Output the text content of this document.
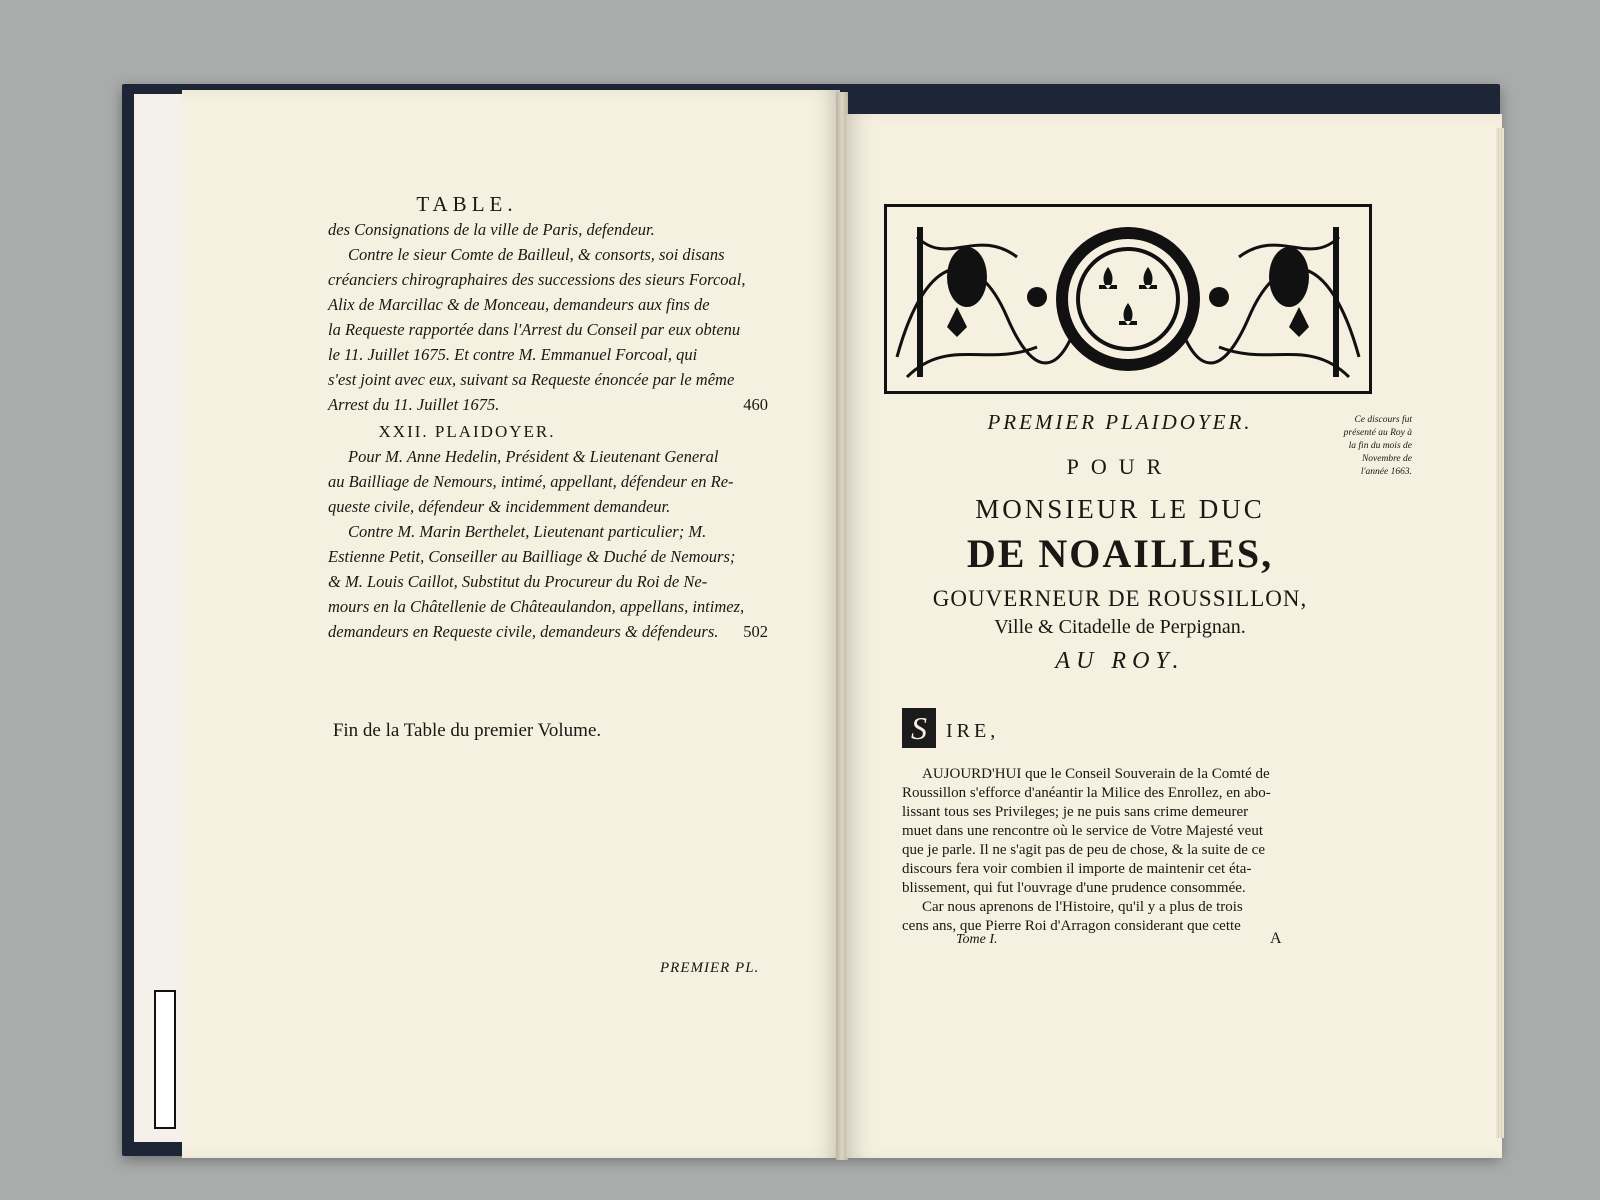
TABLE.
des Consignations de la ville de Paris, defendeur.
Contre le sieur Comte de Bailleul, & consorts, soi disans
créanciers chirographaires des successions des sieurs Forcoal,
Alix de Marcillac & de Monceau, demandeurs aux fins de
la Requeste rapportée dans l'Arrest du Conseil par eux obtenu
le 11. Juillet 1675. Et contre M. Emmanuel Forcoal, qui
s'est joint avec eux, suivant sa Requeste énoncée par le même
Arrest du 11. Juillet 1675.	460
XXII. PLAIDOYER.
Pour M. Anne Hedelin, Président & Lieutenant General
au Bailliage de Nemours, intimé, appellant, défendeur en Re-
queste civile, défendeur & incidemment demandeur.
Contre M. Marin Berthelet, Lieutenant particulier; M.
Estienne Petit, Conseiller au Bailliage & Duché de Nemours;
& M. Louis Caillot, Substitut du Procureur du Roi de Ne-
mours en la Châtellenie de Châteaulandon, appellans, intimez,
demandeurs en Requeste civile, demandeurs & défendeurs. 502
Fin de la Table du premier Volume.
PREMIER PL.
Ce discours fut présenté au Roy à la fin du mois de Novembre de l'année 1663.
PREMIER PLAIDOYER.
POUR
MONSIEUR LE DUC
DE NOAILLES,
GOUVERNEUR DE ROUSSILLON,
Ville & Citadelle de Perpignan.
AU ROY.
S IRE,
AUJOURD'HUI que le Conseil Souverain de la Comté de
Roussillon s'efforce d'anéantir la Milice des Enrollez, en abo-
lissant tous ses Privileges; je ne puis sans crime demeurer
muet dans une rencontre où le service de Votre Majesté veut
que je parle. Il ne s'agit pas de peu de chose, & la suite de ce
discours fera voir combien il importe de maintenir cet éta-
blissement, qui fut l'ouvrage d'une prudence consommée.
Car nous aprenons de l'Histoire, qu'il y a plus de trois
cens ans, que Pierre Roi d'Arragon considerant que cette
Tome I.	A
